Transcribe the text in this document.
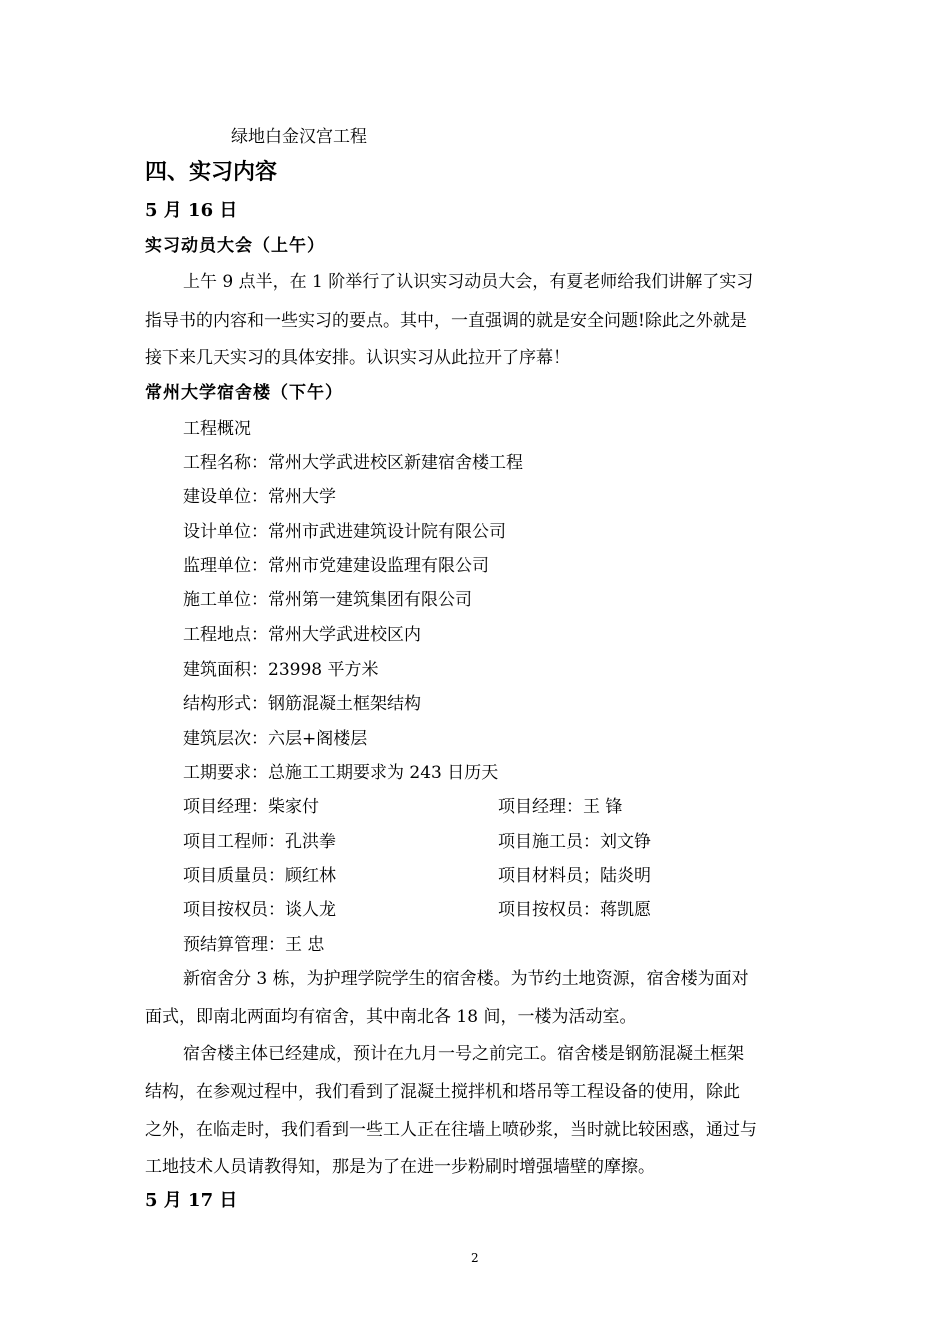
绿地白金汉宫工程
四、实习内容
5 月 16 日
实习动员大会（上午）
上午 9 点半，在 1 阶举行了认识实习动员大会，有夏老师给我们讲解了实习
指导书的内容和一些实习的要点。其中，一直强调的就是安全问题!除此之外就是
接下来几天实习的具体安排。认识实习从此拉开了序幕！
常州大学宿舍楼（下午）
工程概况
工程名称：常州大学武进校区新建宿舍楼工程
建设单位：常州大学
设计单位：常州市武进建筑设计院有限公司
监理单位：常州市党建建设监理有限公司
施工单位：常州第一建筑集团有限公司
工程地点：常州大学武进校区内
建筑面积：23998 平方米
结构形式：钢筋混凝土框架结构
建筑层次：六层+阁楼层
工期要求：总施工工期要求为 243 日历天
项目经理：柴家付	项目经理：王 锋
项目工程师：孔洪拳	项目施工员：刘文铮
项目质量员：顾红林	项目材料员；陆炎明
项目按权员：谈人龙	项目按权员：蒋凯愿
预结算管理：王 忠
新宿舍分 3 栋，为护理学院学生的宿舍楼。为节约土地资源，宿舍楼为面对
面式，即南北两面均有宿舍，其中南北各 18 间，一楼为活动室。
宿舍楼主体已经建成，预计在九月一号之前完工。宿舍楼是钢筋混凝土框架
结构，在参观过程中，我们看到了混凝土搅拌机和塔吊等工程设备的使用，除此
之外，在临走时，我们看到一些工人正在往墙上喷砂浆，当时就比较困惑，通过与
工地技术人员请教得知，那是为了在进一步粉刷时增强墙壁的摩擦。
5 月 17 日
2
